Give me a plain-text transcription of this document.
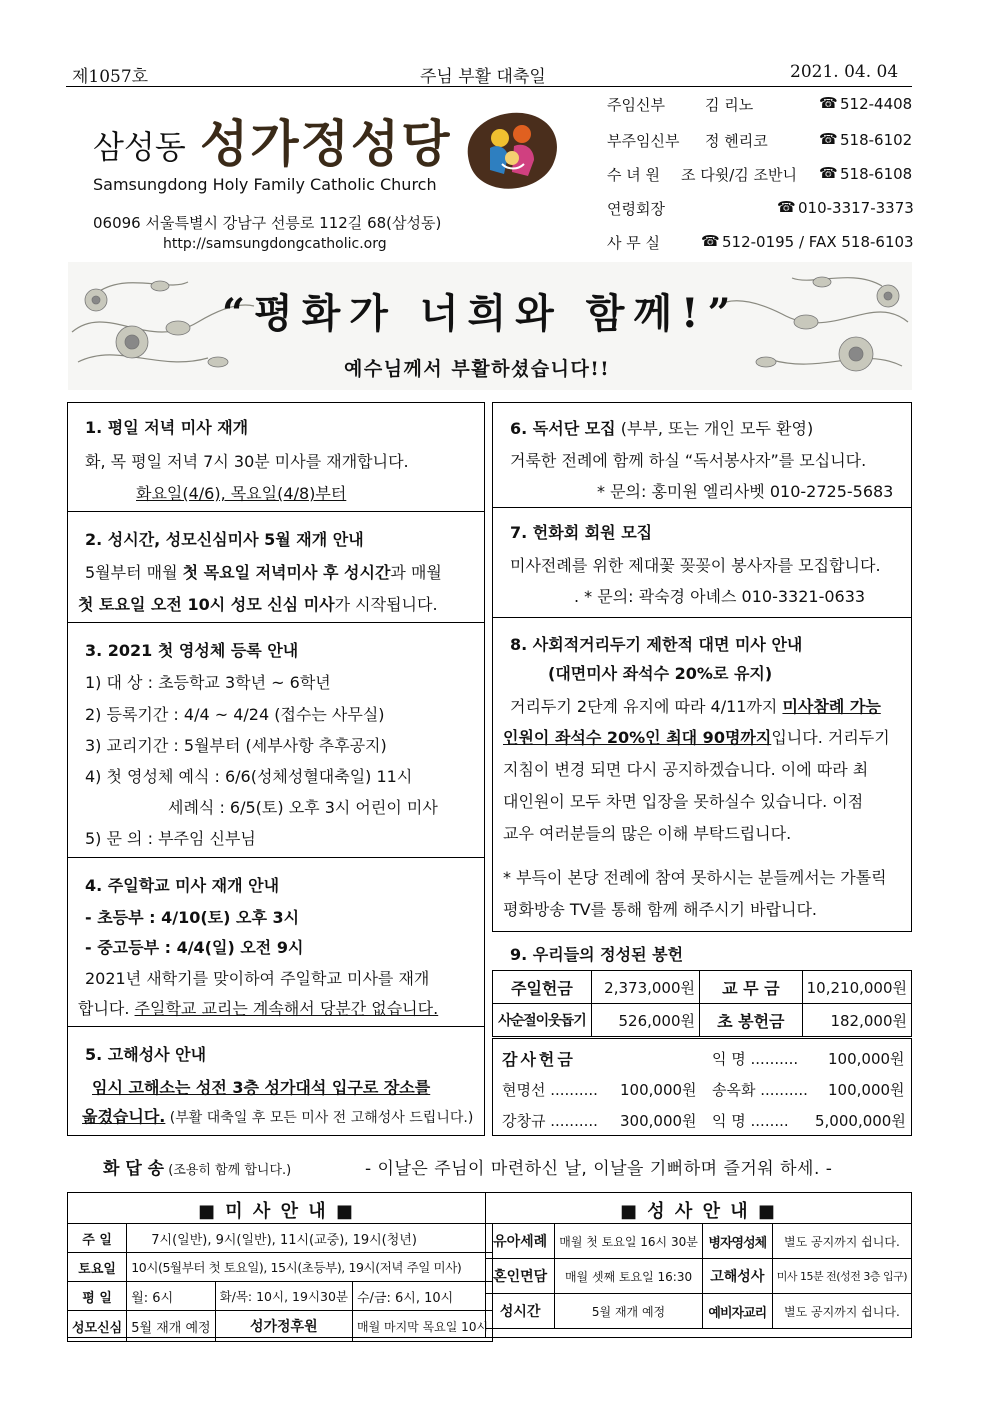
제1057호	주님 부활 대축일	2021. 04. 04
삼성동 성가정성당
Samsungdong Holy Family Catholic Church
06096 서울특별시 강남구 선릉로 112길 68(삼성동)
http://samsungdongcatholic.org
주임신부	김 리노	☎ 512-4408
부주임신부 정 헨리코	☎ 518-6102
수 녀 원 조 다윗/김 조반니 ☎ 518-6108
연령회장	☎ 010-3317-3373
사 무 실	☎ 512-0195 / FAX 518-6103
“평화가 너희와 함께!”
예수님께서 부활하셨습니다!!
1. 평일 저녁 미사 재개
화, 목 평일 저녁 7시 30분 미사를 재개합니다.
화요일(4/6), 목요일(4/8)부터
2. 성시간, 성모신심미사 5월 재개 안내
5월부터 매월 첫 목요일 저녁미사 후 성시간과 매월
첫 토요일 오전 10시 성모 신심 미사가 시작됩니다.
3. 2021 첫 영성체 등록 안내
1) 대 상 : 초등학교 3학년 ~ 6학년
2) 등록기간 : 4/4 ~ 4/24 (접수는 사무실)
3) 교리기간 : 5월부터 (세부사항 추후공지)
4) 첫 영성체 예식 : 6/6(성체성혈대축일) 11시
세례식 : 6/5(토) 오후 3시 어린이 미사
5) 문 의 : 부주임 신부님
4. 주일학교 미사 재개 안내
- 초등부 : 4/10(토) 오후 3시
- 중고등부 : 4/4(일) 오전 9시
2021년 새학기를 맞이하여 주일학교 미사를 재개
합니다. 주일학교 교리는 계속해서 당분간 없습니다.
5. 고해성사 안내
임시 고해소는 성전 3층 성가대석 입구로 장소를
옮겼습니다. (부활 대축일 후 모든 미사 전 고해성사 드립니다.)
6. 독서단 모집 (부부, 또는 개인 모두 환영)
거룩한 전례에 함께 하실 “독서봉사자”를 모십니다.
* 문의: 홍미원 엘리사벳 010-2725-5683
7. 헌화회 회원 모집
미사전례를 위한 제대꽃 꽂꽂이 봉사자를 모집합니다.
. * 문의: 곽숙경 아녜스 010-3321-0633
8. 사회적거리두기 제한적 대면 미사 안내
(대면미사 좌석수 20%로 유지)
거리두기 2단계 유지에 따라 4/11까지 미사참례 가능
인원이 좌석수 20%인 최대 90명까지입니다. 거리두기
지침이 변경 되면 다시 공지하겠습니다. 이에 따라 최
대인원이 모두 차면 입장을 못하실수 있습니다. 이점
교우 여러분들의 많은 이해 부탁드립니다.
* 부득이 본당 전례에 참여 못하시는 분들께서는 가톨릭
평화방송 TV를 통해 함께 해주시기 바랍니다.
9. 우리들의 정성된 봉헌
주일헌금	2,373,000원	교 무 금	10,210,000원
사순절이웃돕기	526,000원	초 봉헌금	182,000원
감사헌금	익 명 .......... 100,000원
현명선 .......... 100,000원 송옥화 .......... 100,000원
강창규 .......... 300,000원 익 명 ........ 5,000,000원
화 답 송 (조용히 함께 합니다.)	- 이날은 주님이 마련하신 날, 이날을 기뻐하며 즐거워 하세. -
■ 미 사 안 내 ■	■ 성 사 안 내 ■
주 일	7시(일반), 9시(일반), 11시(교중), 19시(청년)		
토요일	10시(5월부터 첫 토요일), 15시(초등부), 19시(저녁 주일 미사)		
평 일	월: 6시	화/목: 10시, 19시30분	수/금: 6시, 10시
성모신심	5월 재개 예정	성가정후원	매월 마지막 목요일 10시
유아세례	매월 첫 토요일 16시 30분	병자영성체	별도 공지까지 쉽니다.
혼인면담	매월 셋째 토요일 16:30	고해성사	미사 15분 전(성전 3층 입구)
성시간	5월 재개 예정	예비자교리	별도 공지까지 쉽니다.
